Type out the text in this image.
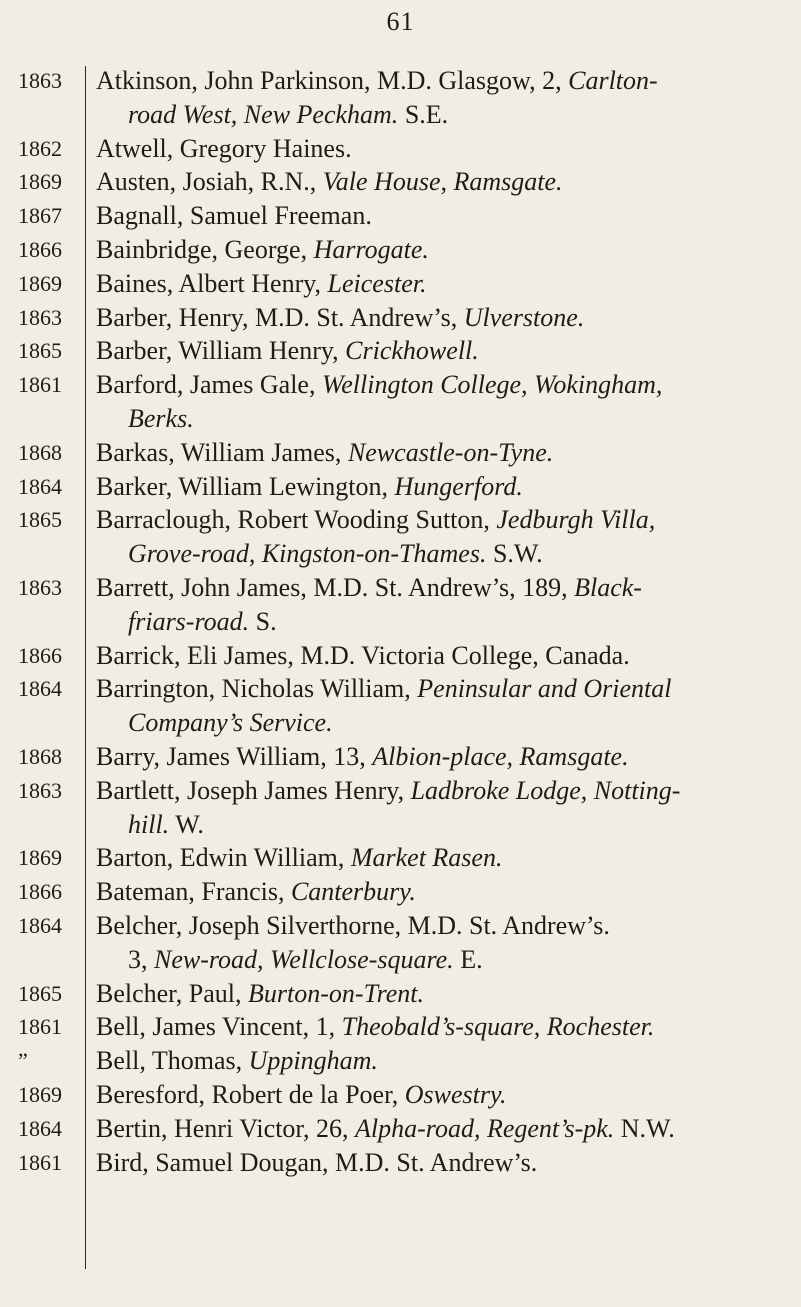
61
1863	Atkinson, John Parkinson, M.D. Glasgow, 2, Carlton-
road West, New Peckham. S.E.
1862	Atwell, Gregory Haines.
1869	Austen, Josiah, R.N., Vale House, Ramsgate.
1867	Bagnall, Samuel Freeman.
1866	Bainbridge, George, Harrogate.
1869	Baines, Albert Henry, Leicester.
1863	Barber, Henry, M.D. St. Andrew’s, Ulverstone.
1865	Barber, William Henry, Crickhowell.
1861	Barford, James Gale, Wellington College, Wokingham,
Berks.
1868	Barkas, William James, Newcastle-on-Tyne.
1864	Barker, William Lewington, Hungerford.
1865	Barraclough, Robert Wooding Sutton, Jedburgh Villa,
Grove-road, Kingston-on-Thames. S.W.
1863	Barrett, John James, M.D. St. Andrew’s, 189, Black-
friars-road. S.
1866	Barrick, Eli James, M.D. Victoria College, Canada.
1864	Barrington, Nicholas William, Peninsular and Oriental
Company’s Service.
1868	Barry, James William, 13, Albion-place, Ramsgate.
1863	Bartlett, Joseph James Henry, Ladbroke Lodge, Notting-
hill. W.
1869	Barton, Edwin William, Market Rasen.
1866	Bateman, Francis, Canterbury.
1864	Belcher, Joseph Silverthorne, M.D. St. Andrew’s.
3, New-road, Wellclose-square. E.
1865	Belcher, Paul, Burton-on-Trent.
1861	Bell, James Vincent, 1, Theobald’s-square, Rochester.
”	Bell, Thomas, Uppingham.
1869	Beresford, Robert de la Poer, Oswestry.
1864	Bertin, Henri Victor, 26, Alpha-road, Regent’s-pk. N.W.
1861	Bird, Samuel Dougan, M.D. St. Andrew’s.
